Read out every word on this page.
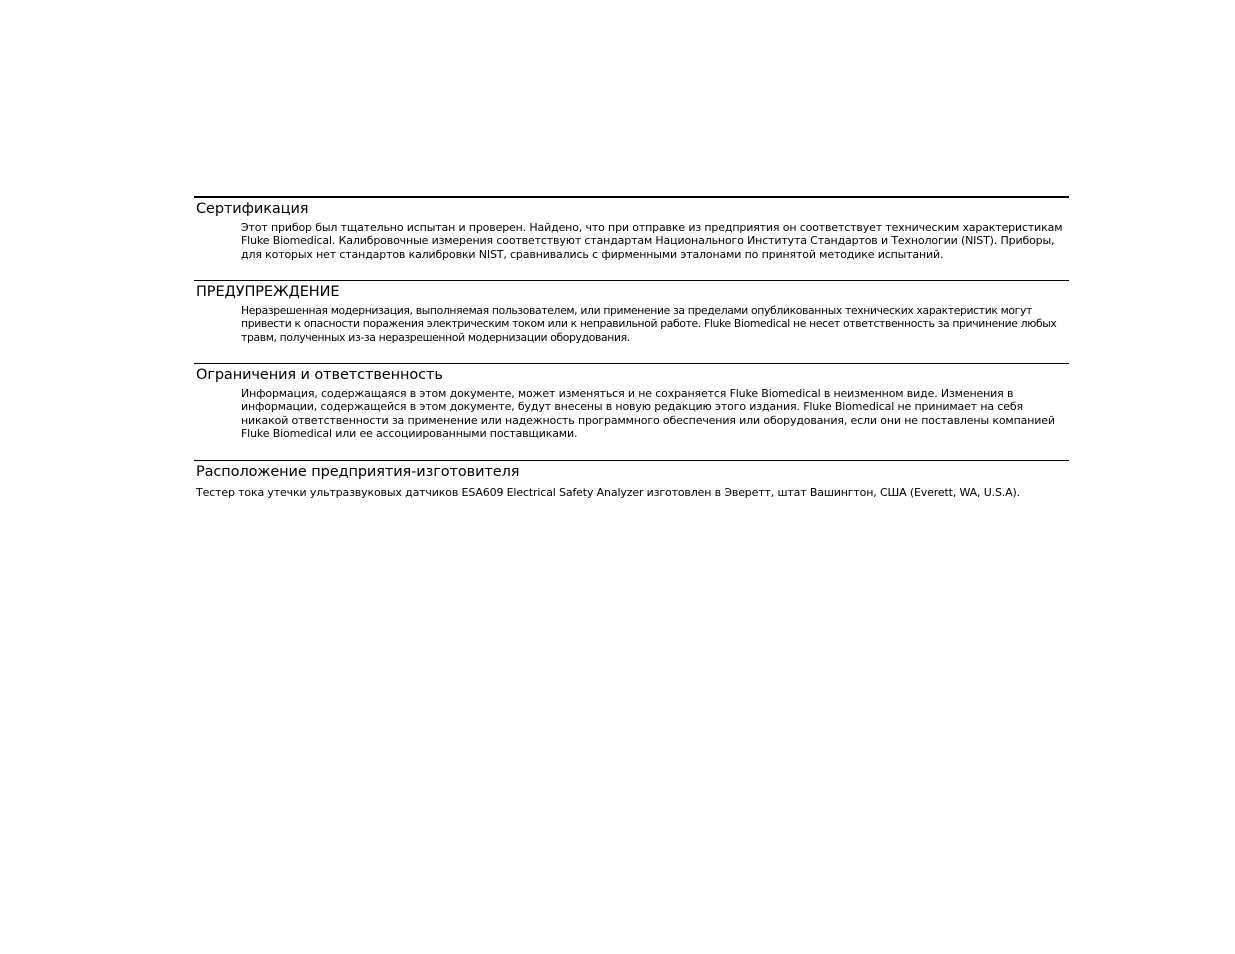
Сертификация

Этот прибор был тщательно испытан и проверен. Найдено, что при отправке из предприятия он соответствует техническим характеристикам Fluke Biomedical. Калибровочные измерения соответствуют стандартам Национального Института Стандартов и Технологии (NIST). Приборы, для которых нет стандартов калибровки NIST, сравнивались с фирменными эталонами по принятой методике испытаний.

ПРЕДУПРЕЖДЕНИЕ

Неразрешенная модернизация, выполняемая пользователем, или применение за пределами опубликованных технических характеристик могут привести к опасности поражения электрическим током или к неправильной работе. Fluke Biomedical не несет ответственность за причинение любых травм, полученных из-за неразрешенной модернизации оборудования.

Ограничения и ответственность

Информация, содержащаяся в этом документе, может изменяться и не сохраняется Fluke Biomedical в неизменном виде. Изменения в информации, содержащейся в этом документе, будут внесены в новую редакцию этого издания. Fluke Biomedical не принимает на себя никакой ответственности за применение или надежность программного обеспечения или оборудования, если они не поставлены компанией Fluke Biomedical или ее ассоциированными поставщиками.

Расположение предприятия-изготовителя

Тестер тока утечки ультразвуковых датчиков ESA609 Electrical Safety Analyzer изготовлен в Эверетт, штат Вашингтон, США (Everett, WA, U.S.A).
